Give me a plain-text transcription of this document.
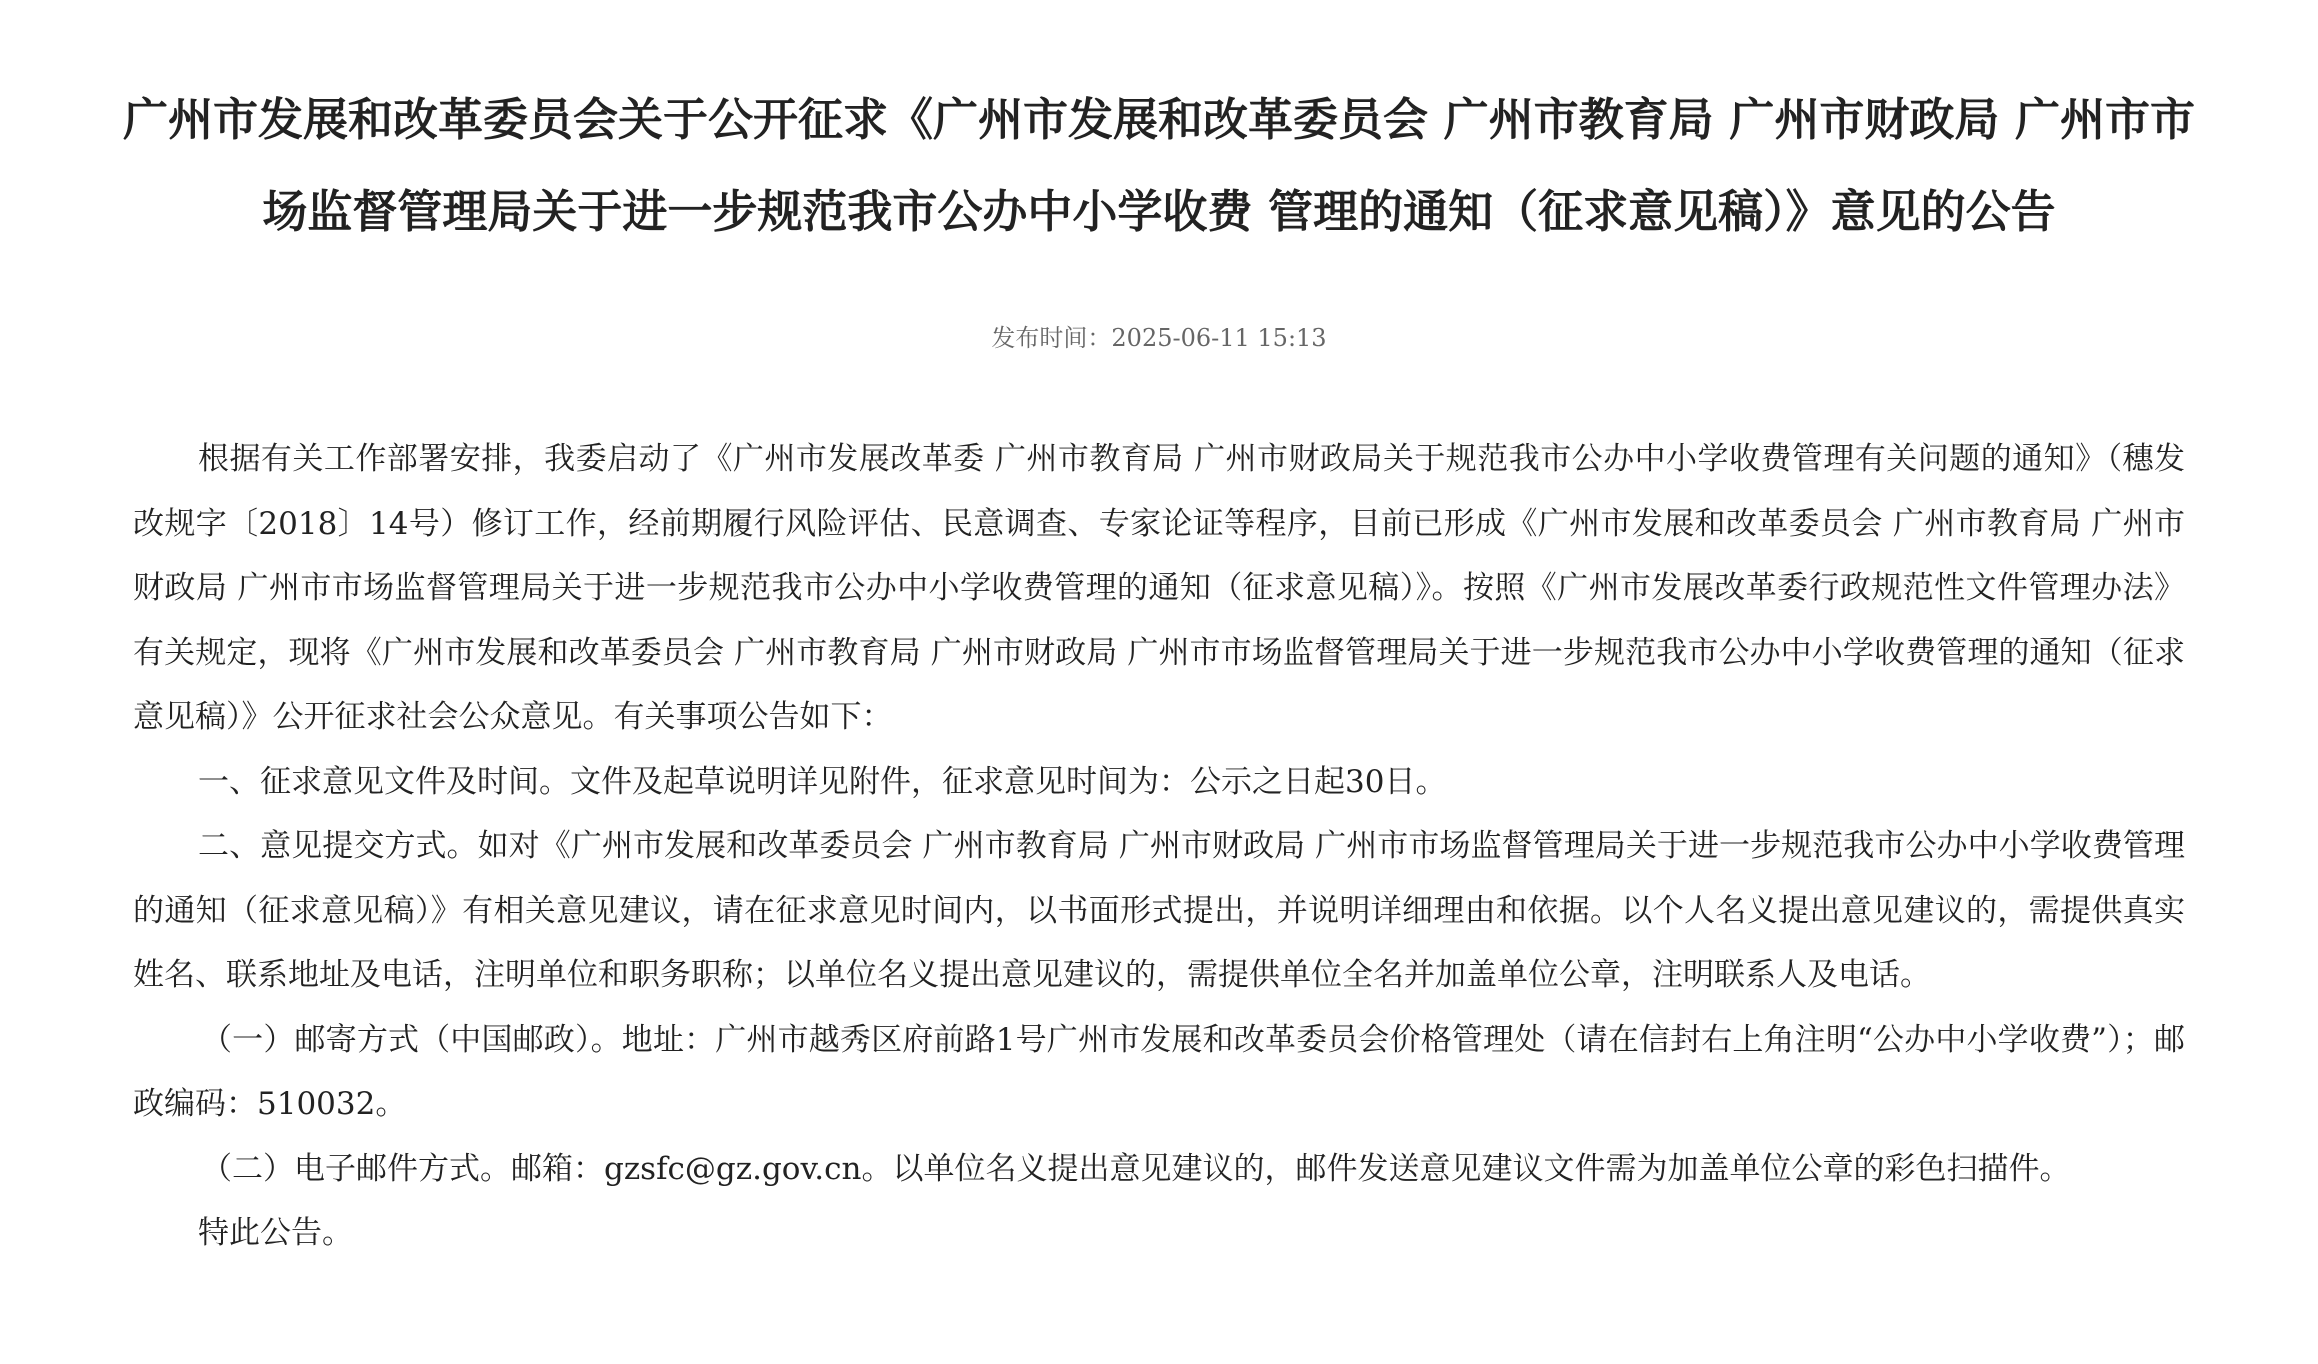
广州市发展和改革委员会关于公开征求《广州市发展和改革委员会 广州市教育局 广州市财政局 广州市市场监督管理局关于进一步规范我市公办中小学收费 管理的通知（征求意见稿）》意见的公告
发布时间：2025-06-11 15:13

根据有关工作部署安排，我委启动了《广州市发展改革委 广州市教育局 广州市财政局关于规范我市公办中小学收费管理有关问题的通知》（穗发改规字〔2018〕14号）修订工作，经前期履行风险评估、民意调查、专家论证等程序，目前已形成《广州市发展和改革委员会 广州市教育局 广州市财政局 广州市市场监督管理局关于进一步规范我市公办中小学收费管理的通知（征求意见稿）》。按照《广州市发展改革委行政规范性文件管理办法》有关规定，现将《广州市发展和改革委员会 广州市教育局 广州市财政局 广州市市场监督管理局关于进一步规范我市公办中小学收费管理的通知（征求意见稿）》公开征求社会公众意见。有关事项公告如下：

一、征求意见文件及时间。文件及起草说明详见附件，征求意见时间为：公示之日起30日。

二、意见提交方式。如对《广州市发展和改革委员会 广州市教育局 广州市财政局 广州市市场监督管理局关于进一步规范我市公办中小学收费管理的通知（征求意见稿）》有相关意见建议，请在征求意见时间内，以书面形式提出，并说明详细理由和依据。以个人名义提出意见建议的，需提供真实姓名、联系地址及电话，注明单位和职务职称；以单位名义提出意见建议的，需提供单位全名并加盖单位公章，注明联系人及电话。

（一）邮寄方式（中国邮政）。地址：广州市越秀区府前路1号广州市发展和改革委员会价格管理处（请在信封右上角注明“公办中小学收费”）；邮政编码：510032。

（二）电子邮件方式。邮箱：gzsfc@gz.gov.cn。以单位名义提出意见建议的，邮件发送意见建议文件需为加盖单位公章的彩色扫描件。

特此公告。
